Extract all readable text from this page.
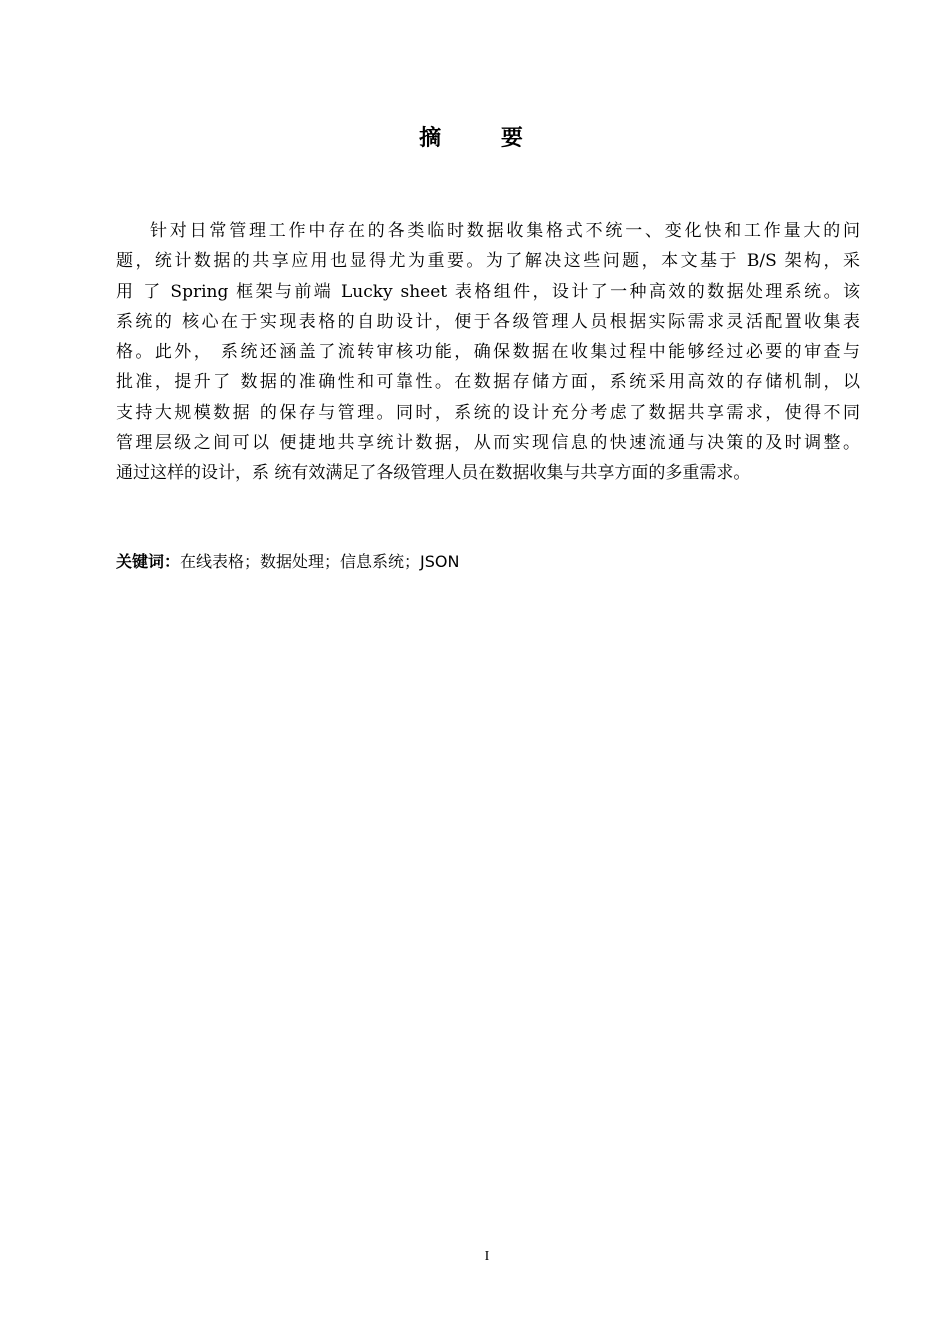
摘 要
针对日常管理工作中存在的各类临时数据收集格式不统一、变化快和工作量大的问
题，统计数据的共享应用也显得尤为重要。为了解决这些问题，本文基于 B/S 架构，采
用 了 Spring 框架与前端 Lucky sheet 表格组件，设计了一种高效的数据处理系统。该
系统的 核心在于实现表格的自助设计，便于各级管理人员根据实际需求灵活配置收集表
格。此外， 系统还涵盖了流转审核功能，确保数据在收集过程中能够经过必要的审查与
批准，提升了 数据的准确性和可靠性。在数据存储方面，系统采用高效的存储机制，以
支持大规模数据 的保存与管理。同时，系统的设计充分考虑了数据共享需求，使得不同
管理层级之间可以 便捷地共享统计数据，从而实现信息的快速流通与决策的及时调整。
通过这样的设计，系 统有效满足了各级管理人员在数据收集与共享方面的多重需求。

关键词：在线表格；数据处理；信息系统；JSON

I
